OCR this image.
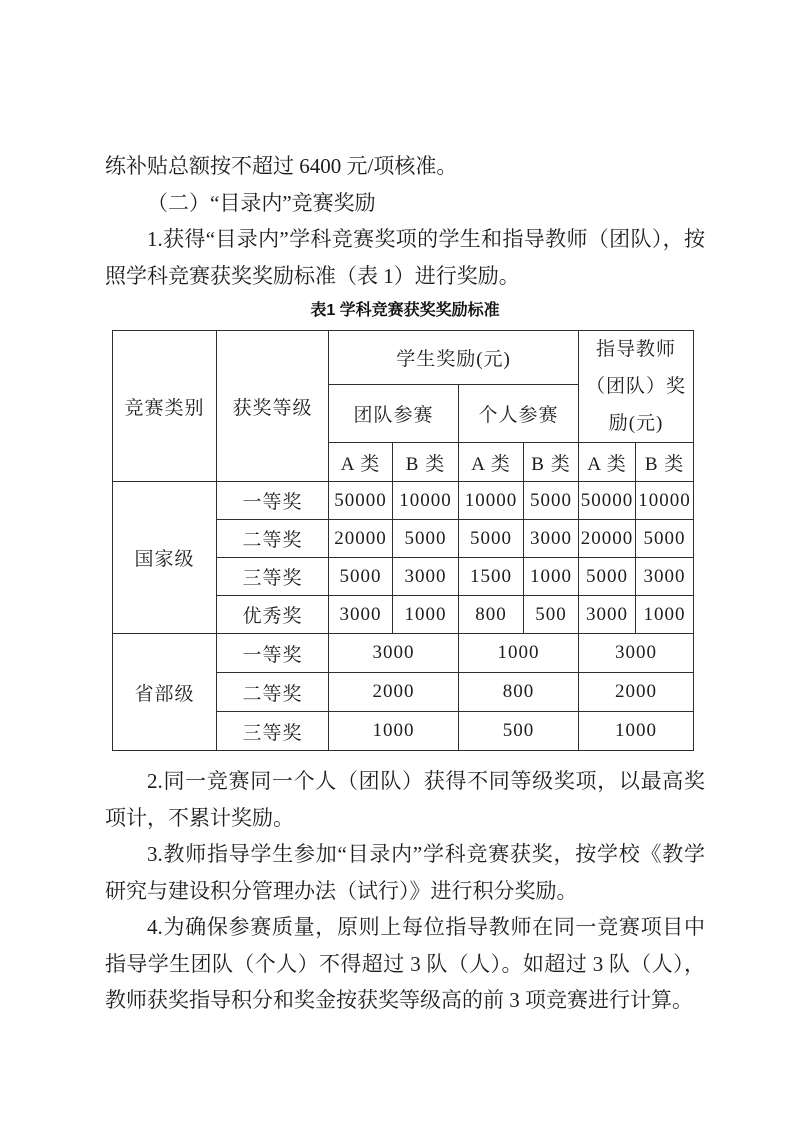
练补贴总额按不超过 6400 元/项核准。

（二）“目录内”竞赛奖励

1.获得“目录内”学科竞赛奖项的学生和指导教师（团队），按照学科竞赛获奖奖励标准（表 1）进行奖励。

表1 学科竞赛获奖奖励标准
竞赛类别	获奖等级	学生奖励(元)				指导教师（团队）奖励(元)	
		团队参赛		个人参赛			
		A 类	B 类	A 类	B 类	A 类	B 类
国家级	一等奖	50000	10000	10000	5000	50000	10000
	二等奖	20000	5000	5000	3000	20000	5000
	三等奖	5000	3000	1500	1000	5000	3000
	优秀奖	3000	1000	800	500	3000	1000
省部级	一等奖	3000		1000		3000	
	二等奖	2000		800		2000	
	三等奖	1000		500		1000	

2.同一竞赛同一个人（团队）获得不同等级奖项，以最高奖项计，不累计奖励。

3.教师指导学生参加“目录内”学科竞赛获奖，按学校《教学研究与建设积分管理办法（试行）》进行积分奖励。

4.为确保参赛质量，原则上每位指导教师在同一竞赛项目中指导学生团队（个人）不得超过 3 队（人）。如超过 3 队（人），教师获奖指导积分和奖金按获奖等级高的前 3 项竞赛进行计算。
